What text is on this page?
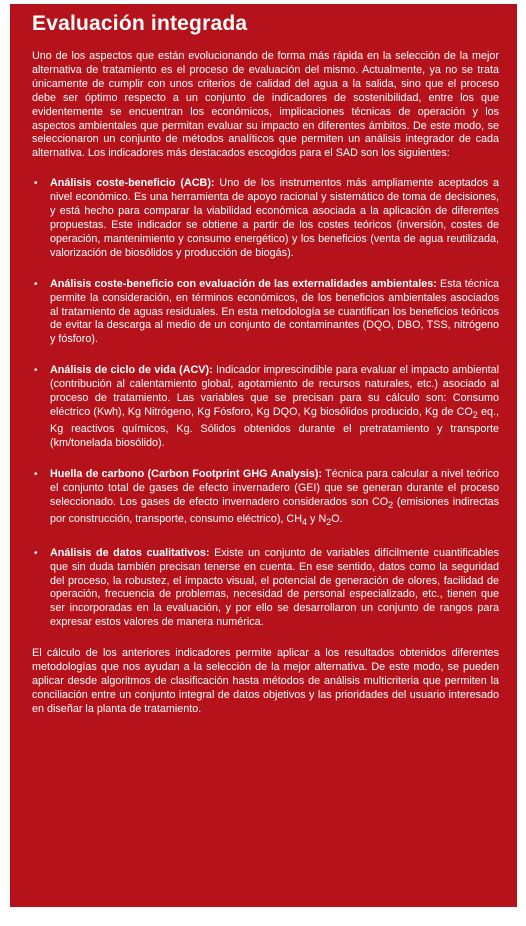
Evaluación integrada

Uno de los aspectos que están evolucionando de forma más rápida en la selección de la mejor alternativa de tratamiento es el proceso de evaluación del mismo. Actualmente, ya no se trata únicamente de cumplir con unos criterios de calidad del agua a la salida, sino que el proceso debe ser óptimo respecto a un conjunto de indicadores de sostenibilidad, entre los que evidentemente se encuentran los económicos, implicaciones técnicas de operación y los aspectos ambientales que permitan evaluar su impacto en diferentes ámbitos. De este modo, se seleccionaron un conjunto de métodos analíticos que permiten un análisis integrador de cada alternativa. Los indicadores más destacados escogidos para el SAD son los siguientes:

• Análisis coste-beneficio (ACB): Uno de los instrumentos más ampliamente aceptados a nivel económico. Es una herramienta de apoyo racional y sistemático de toma de decisiones, y está hecho para comparar la viabilidad económica asociada a la aplicación de diferentes propuestas. Este indicador se obtiene a partir de los costes teóricos (inversión, costes de operación, mantenimiento y consumo energético) y los beneficios (venta de agua reutilizada, valorización de biosólidos y producción de biogás).
• Análisis coste-beneficio con evaluación de las externalidades ambientales: Esta técnica permite la consideración, en términos económicos, de los beneficios ambientales asociados al tratamiento de aguas residuales. En esta metodología se cuantifican los beneficios teóricos de evitar la descarga al medio de un conjunto de contaminantes (DQO, DBO, TSS, nitrógeno y fósforo).
• Análisis de ciclo de vida (ACV): Indicador imprescindible para evaluar el impacto ambiental (contribución al calentamiento global, agotamiento de recursos naturales, etc.) asociado al proceso de tratamiento. Las variables que se precisan para su cálculo son: Consumo eléctrico (Kwh), Kg Nitrógeno, Kg Fósforo, Kg DQO, Kg biosólidos producido, Kg de $CO_2$ eq., Kg reactivos químicos, Kg. Sólidos obtenidos durante el pretratamiento y transporte (km/tonelada biosólido).
• Huella de carbono (Carbon Footprint GHG Analysis): Técnica para calcular a nivel teórico el conjunto total de gases de efecto invernadero (GEI) que se generan durante el proceso seleccionado. Los gases de efecto invernadero considerados son $CO_2$ (emisiones indirectas por construcción, transporte, consumo eléctrico), $CH_4$ y $N_2O$.
• Análisis de datos cualitativos: Existe un conjunto de variables difícilmente cuantificables que sin duda también precisan tenerse en cuenta. En ese sentido, datos como la seguridad del proceso, la robustez, el impacto visual, el potencial de generación de olores, facilidad de operación, frecuencia de problemas, necesidad de personal especializado, etc., tienen que ser incorporadas en la evaluación, y por ello se desarrollaron un conjunto de rangos para expresar estos valores de manera numérica.

El cálculo de los anteriores indicadores permite aplicar a los resultados obtenidos diferentes metodologías que nos ayudan a la selección de la mejor alternativa. De este modo, se pueden aplicar desde algoritmos de clasificación hasta métodos de análisis multicriteria que permiten la conciliación entre un conjunto integral de datos objetivos y las prioridades del usuario interesado en diseñar la planta de tratamiento.
